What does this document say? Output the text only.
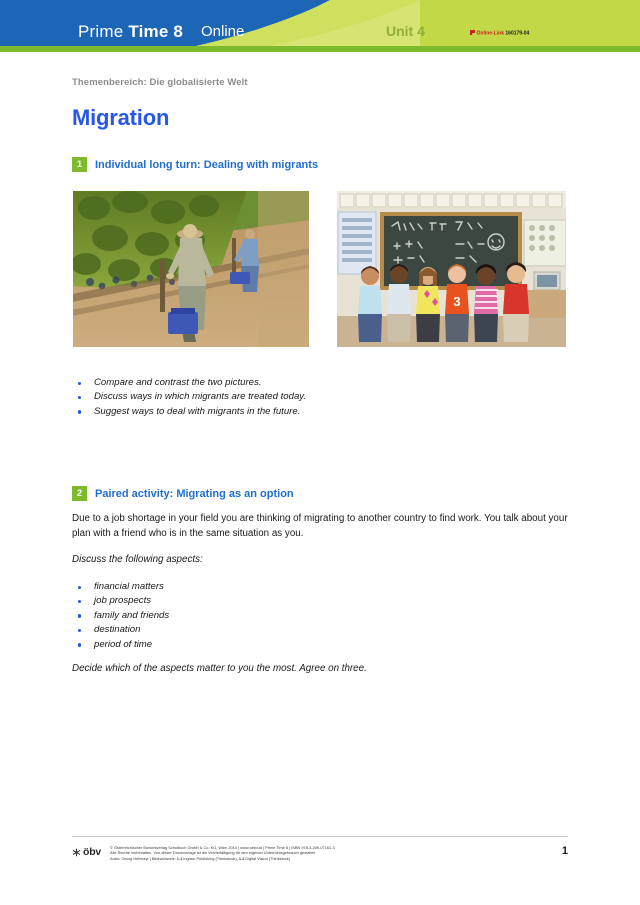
Prime Time 8 Online	Unit 4	Online-Link 160179-04
Themenbereich: Die globalisierte Welt
Migration
1	Individual long turn: Dealing with migrants
3
Compare and contrast the two pictures.
Discuss ways in which migrants are treated today.
Suggest ways to deal with migrants in the future.
2	Paired activity: Migrating as an option
Due to a job shortage in your field you are thinking of migrating to another country to find work. You talk about your plan with a friend who is in the same situation as you.
Discuss the following aspects:
financial matters
job prospects
family and friends
destination
period of time
Decide which of the aspects matter to you the most. Agree on three.
öbv © Österreichischer Bundesverlag Schulbuch GmbH & Co. KG, Wien 2014 | www.oebv.at | Prime Time 8 | ISBN 978-3-209-07161-3
Alle Rechte vorbehalten. Von dieser Druckvorlage ist die Vervielfältigung für den eigenen Unterrichtsgebrauch gestattet.
Autor: Georg Hellmayr | Bildnachweis: 1.1 Ingram Publishing (Thinkstock), 1.2 Digital Vision (Thinkstock)
1
